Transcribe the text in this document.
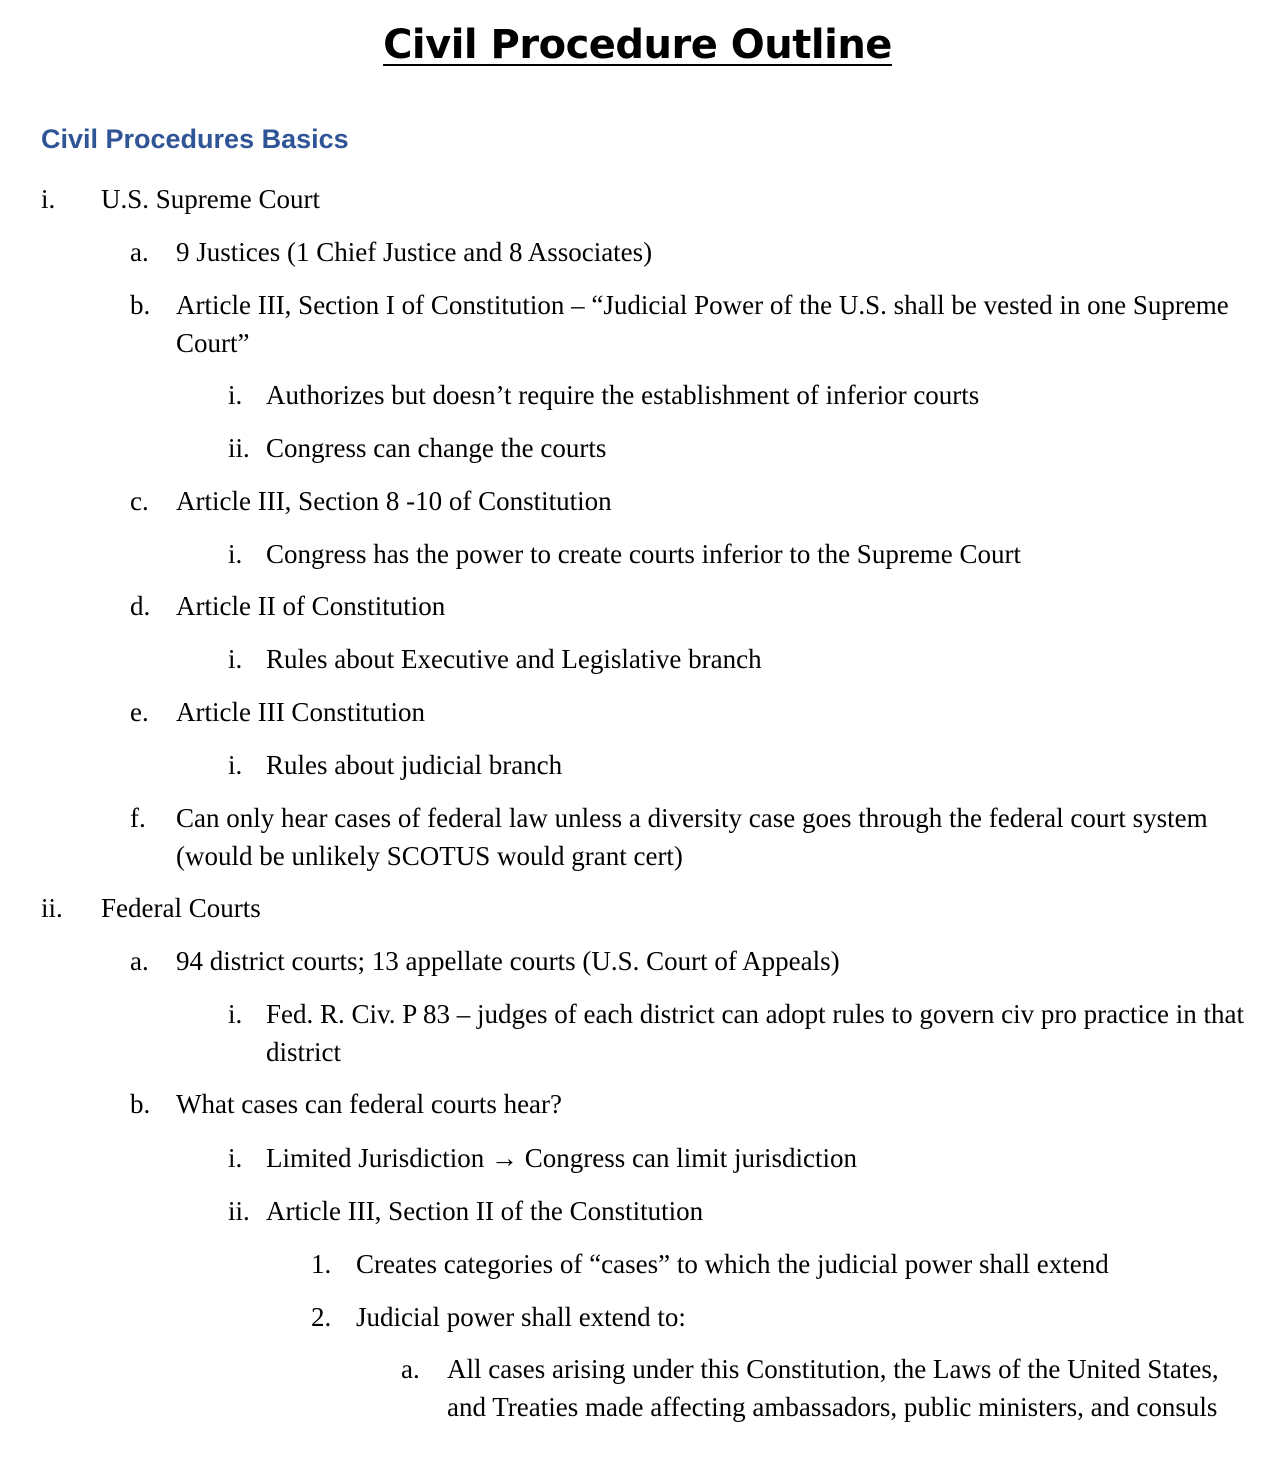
Civil Procedure Outline
Civil Procedures Basics
i. U.S. Supreme Court
a. 9 Justices (1 Chief Justice and 8 Associates)
b. Article III, Section I of Constitution – “Judicial Power of the U.S. shall be vested in one Supreme Court”
i. Authorizes but doesn’t require the establishment of inferior courts
ii. Congress can change the courts
c. Article III, Section 8 -10 of Constitution
i. Congress has the power to create courts inferior to the Supreme Court
d. Article II of Constitution
i. Rules about Executive and Legislative branch
e. Article III Constitution
i. Rules about judicial branch
f. Can only hear cases of federal law unless a diversity case goes through the federal court system (would be unlikely SCOTUS would grant cert)
ii. Federal Courts
a. 94 district courts; 13 appellate courts (U.S. Court of Appeals)
i. Fed. R. Civ. P 83 – judges of each district can adopt rules to govern civ pro practice in that district
b. What cases can federal courts hear?
i. Limited Jurisdiction → Congress can limit jurisdiction
ii. Article III, Section II of the Constitution
1. Creates categories of “cases” to which the judicial power shall extend
2. Judicial power shall extend to:
a. All cases arising under this Constitution, the Laws of the United States, and Treaties made affecting ambassadors, public ministers, and consuls
